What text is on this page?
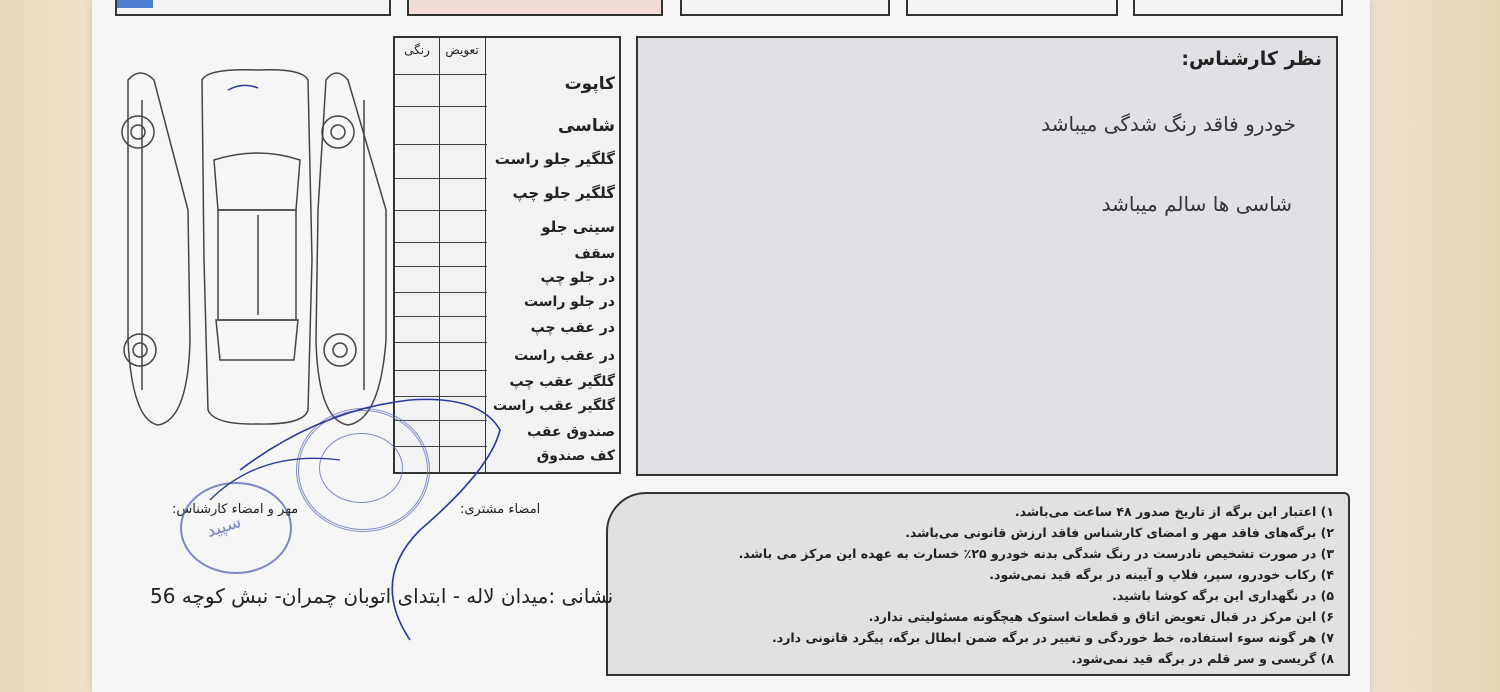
رنگی	تعویض
کاپوت
شاسی
گلگیر جلو راست
گلگیر جلو چپ
سینی جلو
سقف
در جلو چپ
در جلو راست
در عقب چپ
در عقب راست
گلگیر عقب چپ
گلگیر عقب راست
صندوق عقب
کف صندوق
نظر کارشناس:
خودرو فاقد رنگ شدگی میباشد
شاسی ها سالم میباشد
۱) اعتبار این برگه از تاریخ صدور ۴۸ ساعت می‌باشد.
۲) برگه‌های فاقد مهر و امضای کارشناس فاقد ارزش قانونی می‌باشد.
۳) در صورت تشخیص نادرست در رنگ شدگی بدنه خودرو ۲۵٪ خسارت به عهده این مرکز می باشد.
۴) رکاب خودرو، سپر، فلاپ و آیینه در برگه قید نمی‌شود.
۵) در نگهداری این برگه کوشا باشید.
۶) این مرکز در قبال تعویض اتاق و قطعات استوک هیچگونه مسئولیتی ندارد.
۷) هر گونه سوء استفاده، خط خوردگی و تغییر در برگه ضمن ابطال برگه، پیگرد قانونی دارد.
۸) گریسی و سر قلم در برگه قید نمی‌شود.
امضاء مشتری:
مهر و امضاء کارشناس:
سپید
نشانی :میدان لاله - ابتدای اتوبان چمران- نبش کوچه 56
